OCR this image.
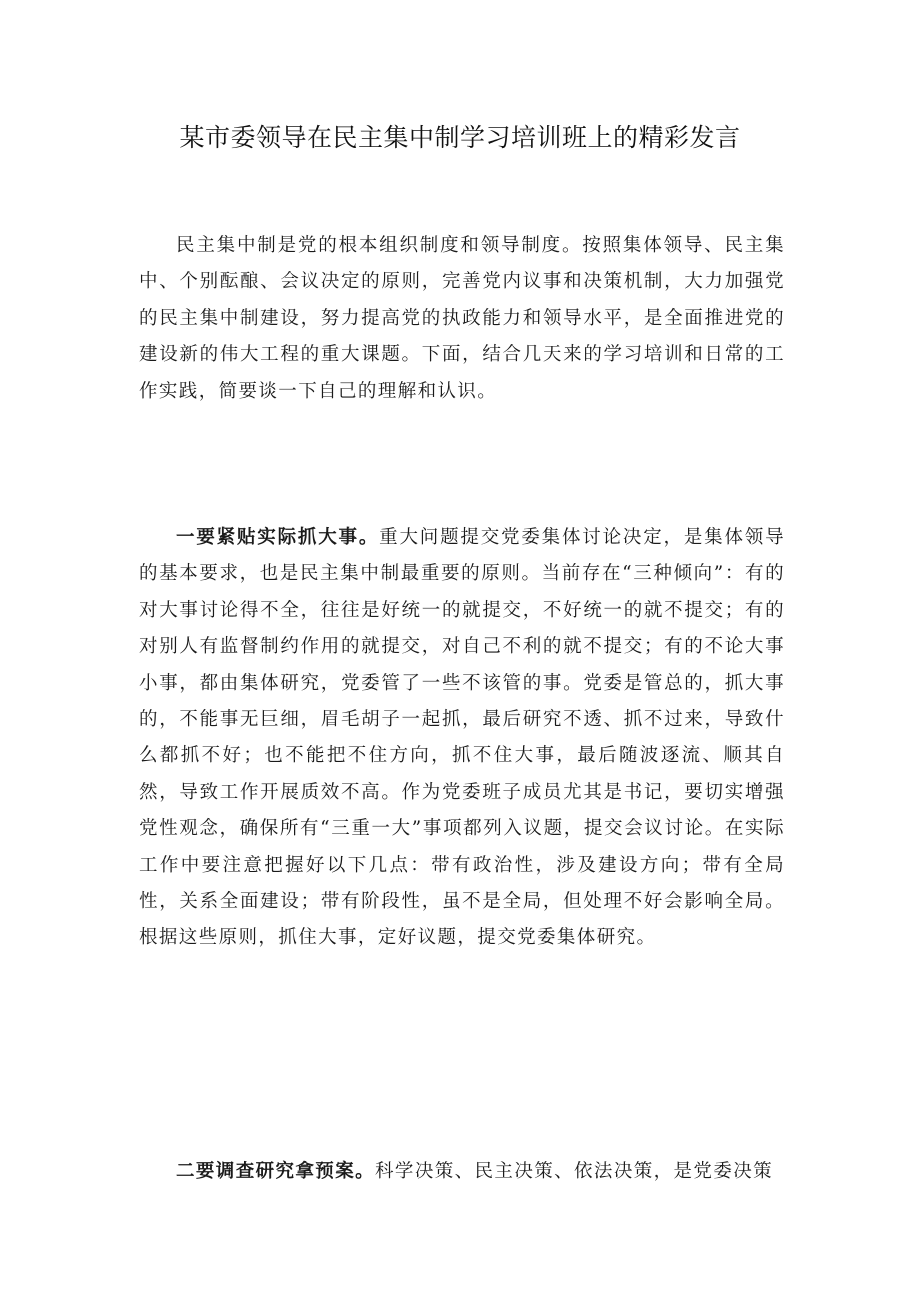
某市委领导在民主集中制学习培训班上的精彩发言

民主集中制是党的根本组织制度和领导制度。按照集体领导、民主集中、个别酝酿、会议决定的原则，完善党内议事和决策机制，大力加强党的民主集中制建设，努力提高党的执政能力和领导水平，是全面推进党的建设新的伟大工程的重大课题。下面，结合几天来的学习培训和日常的工作实践，简要谈一下自己的理解和认识。

一要紧贴实际抓大事。重大问题提交党委集体讨论决定，是集体领导的基本要求，也是民主集中制最重要的原则。当前存在“三种倾向”：有的对大事讨论得不全，往往是好统一的就提交，不好统一的就不提交；有的对别人有监督制约作用的就提交，对自己不利的就不提交；有的不论大事小事，都由集体研究，党委管了一些不该管的事。党委是管总的，抓大事的，不能事无巨细，眉毛胡子一起抓，最后研究不透、抓不过来，导致什么都抓不好；也不能把不住方向，抓不住大事，最后随波逐流、顺其自然，导致工作开展质效不高。作为党委班子成员尤其是书记，要切实增强党性观念，确保所有“三重一大”事项都列入议题，提交会议讨论。在实际工作中要注意把握好以下几点：带有政治性，涉及建设方向；带有全局性，关系全面建设；带有阶段性，虽不是全局，但处理不好会影响全局。根据这些原则，抓住大事，定好议题，提交党委集体研究。

二要调查研究拿预案。科学决策、民主决策、依法决策，是党委决策
